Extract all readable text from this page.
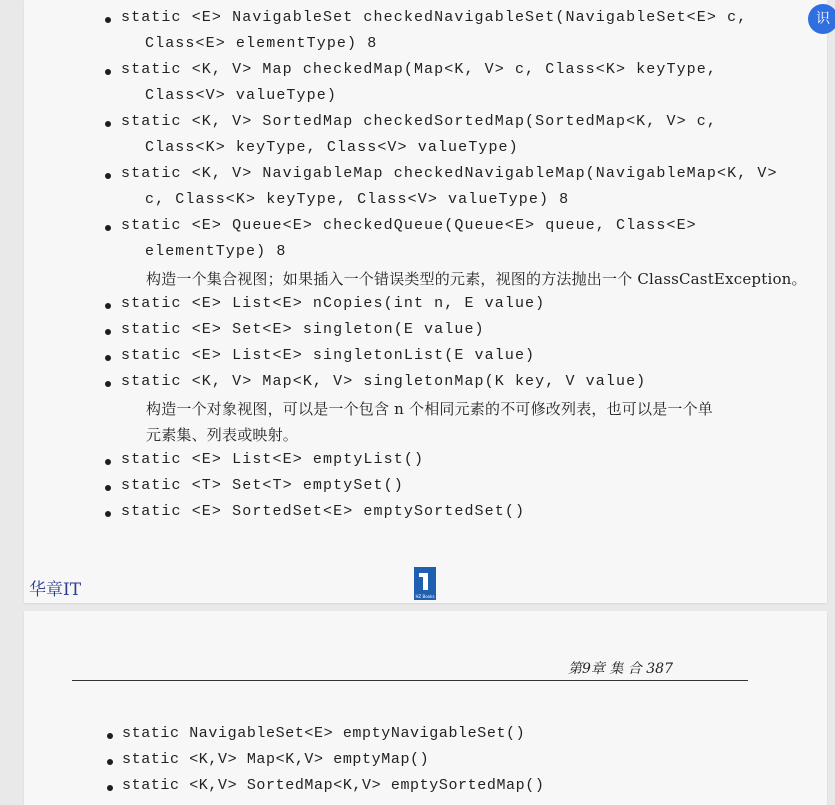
static <E> NavigableSet checkedNavigableSet(NavigableSet<E> c,
Class<E> elementType) 8
static <K, V> Map checkedMap(Map<K, V> c, Class<K> keyType,
Class<V> valueType)
static <K, V> SortedMap checkedSortedMap(SortedMap<K, V> c,
Class<K> keyType, Class<V> valueType)
static <K, V> NavigableMap checkedNavigableMap(NavigableMap<K, V>
c, Class<K> keyType, Class<V> valueType) 8
static <E> Queue<E> checkedQueue(Queue<E> queue, Class<E>
elementType) 8
构造一个集合视图；如果插入一个错误类型的元素，视图的方法抛出一个 ClassCastException。
static <E> List<E> nCopies(int n, E value)
static <E> Set<E> singleton(E value)
static <E> List<E> singletonList(E value)
static <K, V> Map<K, V> singletonMap(K key, V value)
构造一个对象视图，可以是一个包含 n 个相同元素的不可修改列表，也可以是一个单
元素集、列表或映射。
static <E> List<E> emptyList()
static <T> Set<T> emptySet()
static <E> SortedSet<E> emptySortedSet()
华章IT	HZ Books
第9章 集 合 387
static NavigableSet<E> emptyNavigableSet()
static <K,V> Map<K,V> emptyMap()
static <K,V> SortedMap<K,V> emptySortedMap()
识
